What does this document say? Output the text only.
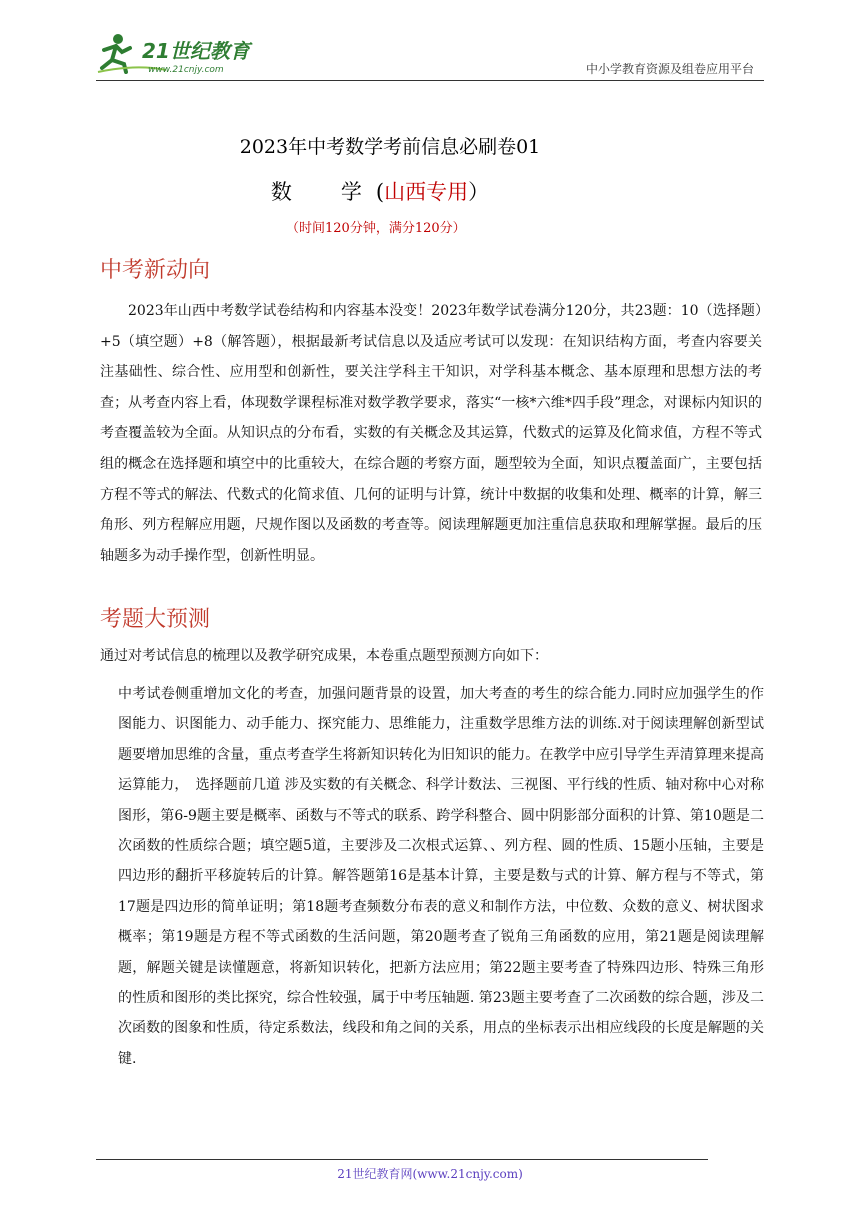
21世纪教育
www.21cnjy.com	中小学教育资源及组卷应用平台
2023年中考数学考前信息必刷卷01
数　学(山西专用）
（时间120分钟，满分120分）
中考新动向
2023年山西中考数学试卷结构和内容基本没变！2023年数学试卷满分120分，共23题：10（选择题）+5（填空题）+8（解答题），根据最新考试信息以及适应考试可以发现：在知识结构方面，考查内容要关注基础性、综合性、应用型和创新性，要关注学科主干知识，对学科基本概念、基本原理和思想方法的考查；从考查内容上看，体现数学课程标准对数学教学要求，落实“一核*六维*四手段”理念，对课标内知识的考查覆盖较为全面。从知识点的分布看，实数的有关概念及其运算，代数式的运算及化简求值，方程不等式组的概念在选择题和填空中的比重较大，在综合题的考察方面，题型较为全面，知识点覆盖面广，主要包括方程不等式的解法、代数式的化简求值、几何的证明与计算，统计中数据的收集和处理、概率的计算，解三角形、列方程解应用题，尺规作图以及函数的考查等。阅读理解题更加注重信息获取和理解掌握。最后的压轴题多为动手操作型，创新性明显。
考题大预测
通过对考试信息的梳理以及教学研究成果，本卷重点题型预测方向如下：
中考试卷侧重增加文化的考查，加强问题背景的设置，加大考查的考生的综合能力.同时应加强学生的作图能力、识图能力、动手能力、探究能力、思维能力，注重数学思维方法的训练.对于阅读理解创新型试题要增加思维的含量，重点考查学生将新知识转化为旧知识的能力。在教学中应引导学生弄清算理来提高运算能力，　选择题前几道 涉及实数的有关概念、科学计数法、三视图、平行线的性质、轴对称中心对称图形，第6-9题主要是概率、函数与不等式的联系、跨学科整合、圆中阴影部分面积的计算、第10题是二次函数的性质综合题；填空题5道，主要涉及二次根式运算、、列方程、圆的性质、15题小压轴，主要是四边形的翻折平移旋转后的计算。解答题第16是基本计算，主要是数与式的计算、解方程与不等式，第17题是四边形的简单证明；第18题考查频数分布表的意义和制作方法，中位数、众数的意义、树状图求概率；第19题是方程不等式函数的生活问题，第20题考查了锐角三角函数的应用，第21题是阅读理解题，解题关键是读懂题意，将新知识转化，把新方法应用；第22题主要考查了特殊四边形、特殊三角形的性质和图形的类比探究，综合性较强，属于中考压轴题. 第23题主要考查了二次函数的综合题，涉及二次函数的图象和性质，待定系数法，线段和角之间的关系，用点的坐标表示出相应线段的长度是解题的关键.
21世纪教育网(www.21cnjy.com)
